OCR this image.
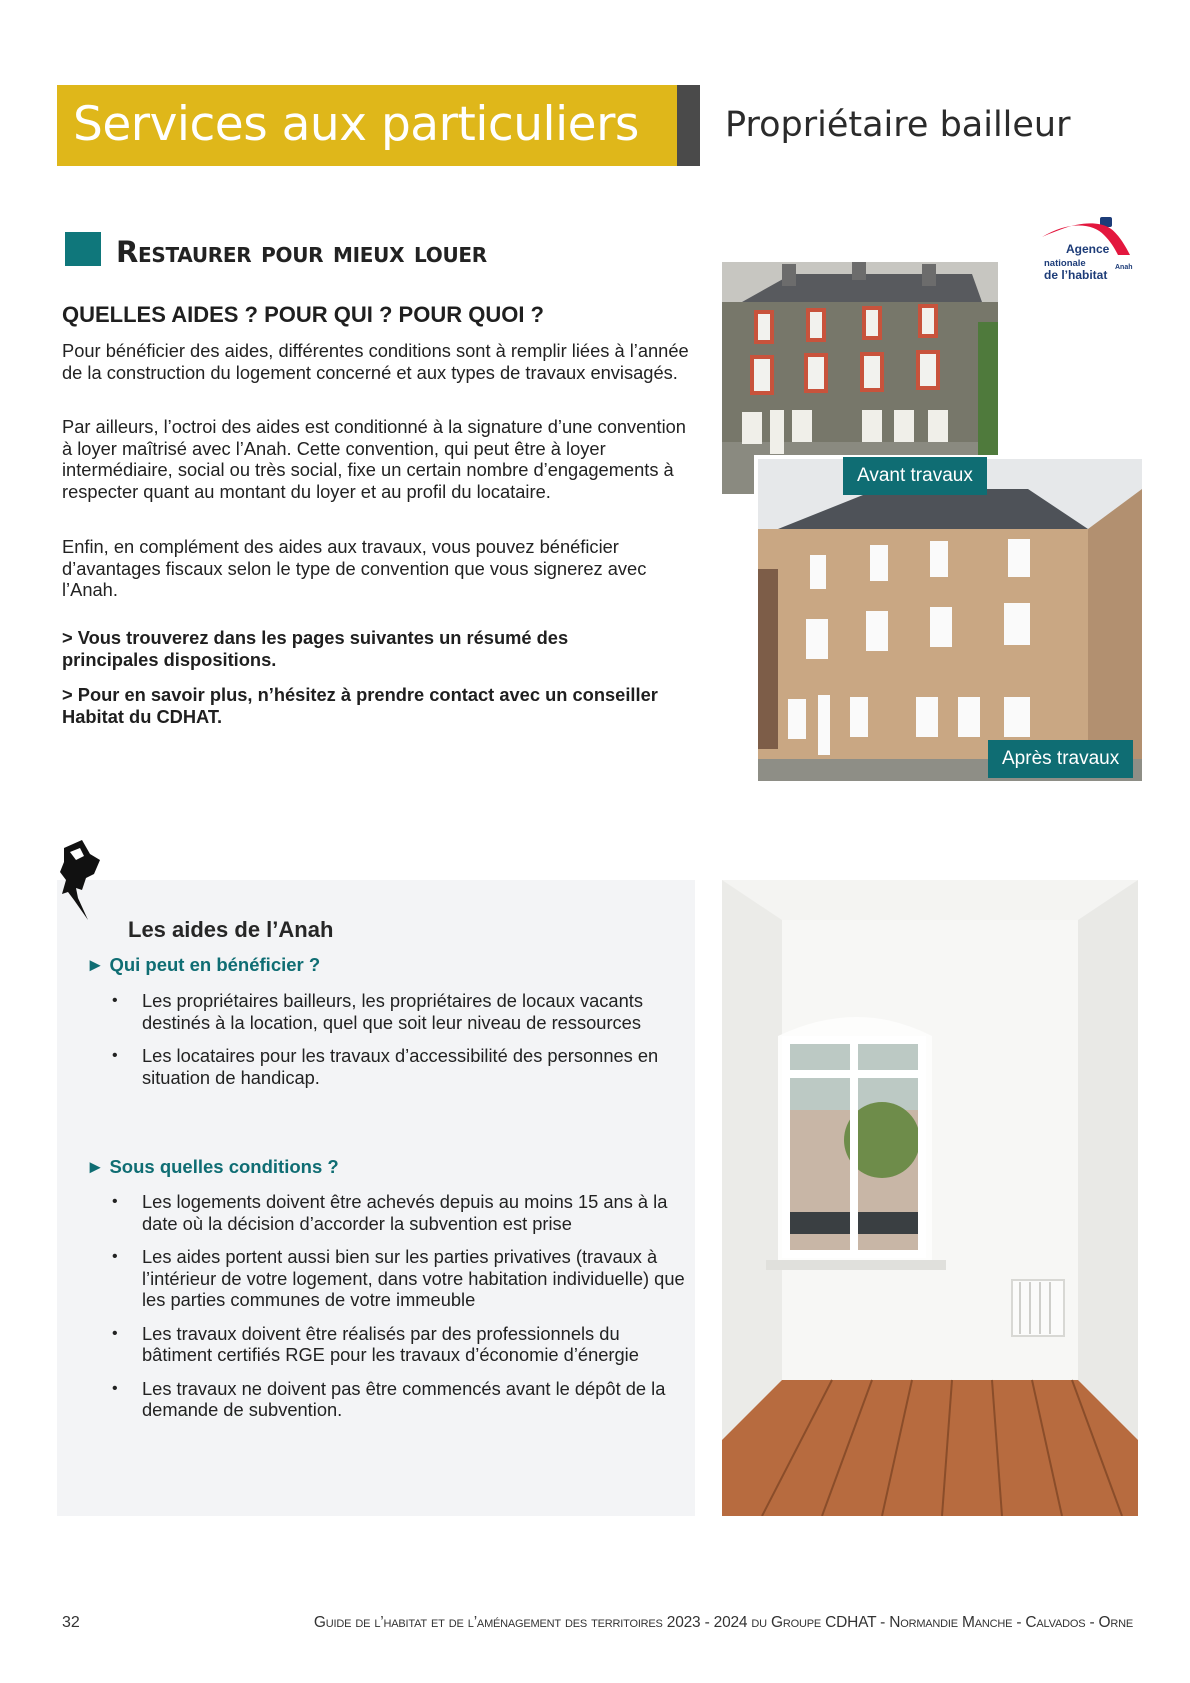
Services aux particuliers Propriétaire bailleur
Restaurer pour mieux louer
QUELLES AIDES ? POUR QUI ? POUR QUOI ?

Pour bénéficier des aides, différentes conditions sont à remplir liées à l’année de la construction du logement concerné et aux types de travaux envisagés.

Par ailleurs, l’octroi des aides est conditionné à la signature d’une convention à loyer maîtrisé avec l’Anah. Cette convention, qui peut être à loyer intermédiaire, social ou très social, fixe un certain nombre d’engagements à respecter quant au montant du loyer et au profil du locataire.

Enfin, en complément des aides aux travaux, vous pouvez bénéficier d’avantages fiscaux selon le type de convention que vous signerez avec l’Anah.

> Vous trouverez dans les pages suivantes un résumé des principales dispositions.

> Pour en savoir plus, n’hésitez à prendre contact avec un conseiller Habitat du CDHAT.

Agence
nationale	Anah
de l’habitat
Avant travaux
Après travaux
Les aides de l’Anah
► Qui peut en bénéficier ?
• Les propriétaires bailleurs, les propriétaires de locaux vacants destinés à la location, quel que soit leur niveau de ressources
• Les locataires pour les travaux d’accessibilité des personnes en situation de handicap.
► Sous quelles conditions ?
• Les logements doivent être achevés depuis au moins 15 ans à la date où la décision d’accorder la subvention est prise
• Les aides portent aussi bien sur les parties privatives (travaux à l’intérieur de votre logement, dans votre habitation individuelle) que les parties communes de votre immeuble
• Les travaux doivent être réalisés par des professionnels du bâtiment certifiés RGE pour les travaux d’économie d’énergie
• Les travaux ne doivent pas être commencés avant le dépôt de la demande de subvention.
32	Guide de l’habitat et de l’aménagement des territoires 2023 - 2024 du Groupe CDHAT - Normandie Manche - Calvados - Orne
